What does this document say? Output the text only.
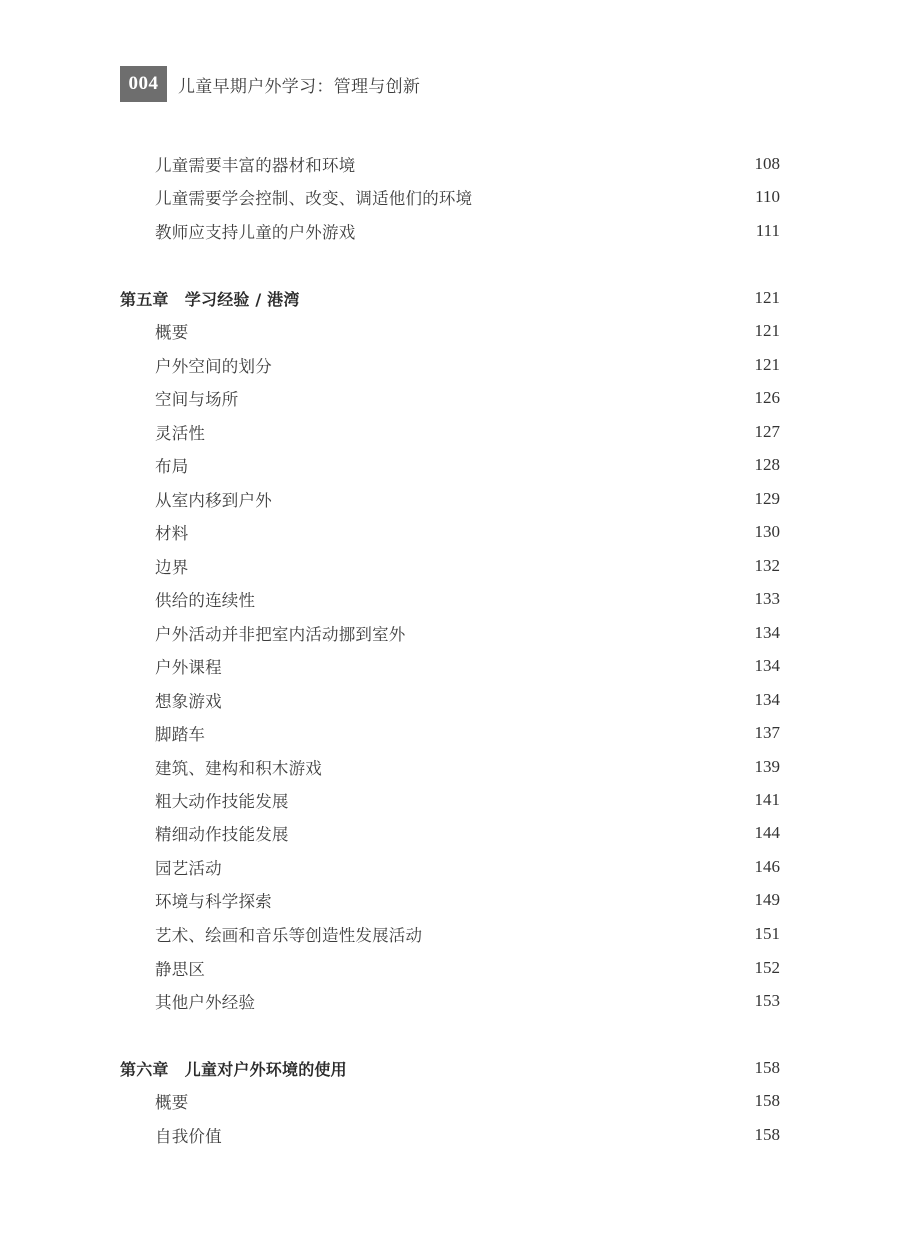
004	儿童早期户外学习：管理与创新
儿童需要丰富的器材和环境	108
儿童需要学会控制、改变、调适他们的环境	110
教师应支持儿童的户外游戏	111
第五章　学习经验 / 港湾	121
概要	121
户外空间的划分	121
空间与场所	126
灵活性	127
布局	128
从室内移到户外	129
材料	130
边界	132
供给的连续性	133
户外活动并非把室内活动挪到室外	134
户外课程	134
想象游戏	134
脚踏车	137
建筑、建构和积木游戏	139
粗大动作技能发展	141
精细动作技能发展	144
园艺活动	146
环境与科学探索	149
艺术、绘画和音乐等创造性发展活动	151
静思区	152
其他户外经验	153
第六章　儿童对户外环境的使用	158
概要	158
自我价值	158
